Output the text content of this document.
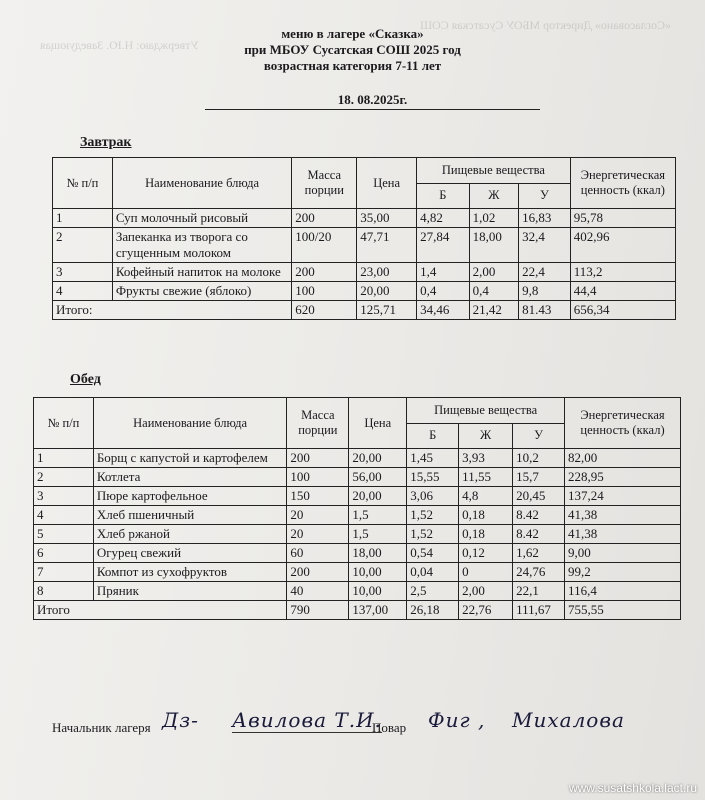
«Согласовано» Директор МБОУ Сусатская СОШ
Утверждаю: Н.Ю. Заведующая
меню в лагере «Сказка»
при МБОУ Сусатская СОШ 2025 год
возрастная категория 7-11 лет
18. 08.2025г.
Завтрак
№ п/п	Наименование блюда	Масса порции	Цена	Пищевые вещества			Энергетическая ценность (ккал)
				Б	Ж	У	
1	Суп молочный рисовый	200	35,00	4,82	1,02	16,83	95,78
2	Запеканка из творога со сгущенным молоком	100/20	47,71	27,84	18,00	32,4	402,96
3	Кофейный напиток на молоке	200	23,00	1,4	2,00	22,4	113,2
4	Фрукты свежие (яблоко)	100	20,00	0,4	0,4	9,8	44,4
Итого:		620	125,71	34,46	21,42	81.43	656,34
Обед
№ п/п	Наименование блюда	Масса порции	Цена	Пищевые вещества			Энергетическая ценность (ккал)
				Б	Ж	У	
1	Борщ с капустой и картофелем	200	20,00	1,45	3,93	10,2	82,00
2	Котлета	100	56,00	15,55	11,55	15,7	228,95
3	Пюре картофельное	150	20,00	3,06	4,8	20,45	137,24
4	Хлеб пшеничный	20	1,5	1,52	0,18	8.42	41,38
5	Хлеб ржаной	20	1,5	1,52	0,18	8.42	41,38
6	Огурец свежий	60	18,00	0,54	0,12	1,62	9,00
7	Компот из сухофруктов	200	10,00	0,04	0	24,76	99,2
8	Пряник	40	10,00	2,5	2,00	22,1	116,4
Итого		790	137,00	26,18	22,76	111,67	755,55
Начальник лагеря Дз- Авилова Т.И.
Повар Фиг , Михалова
www.susatshkola.lact.ru
